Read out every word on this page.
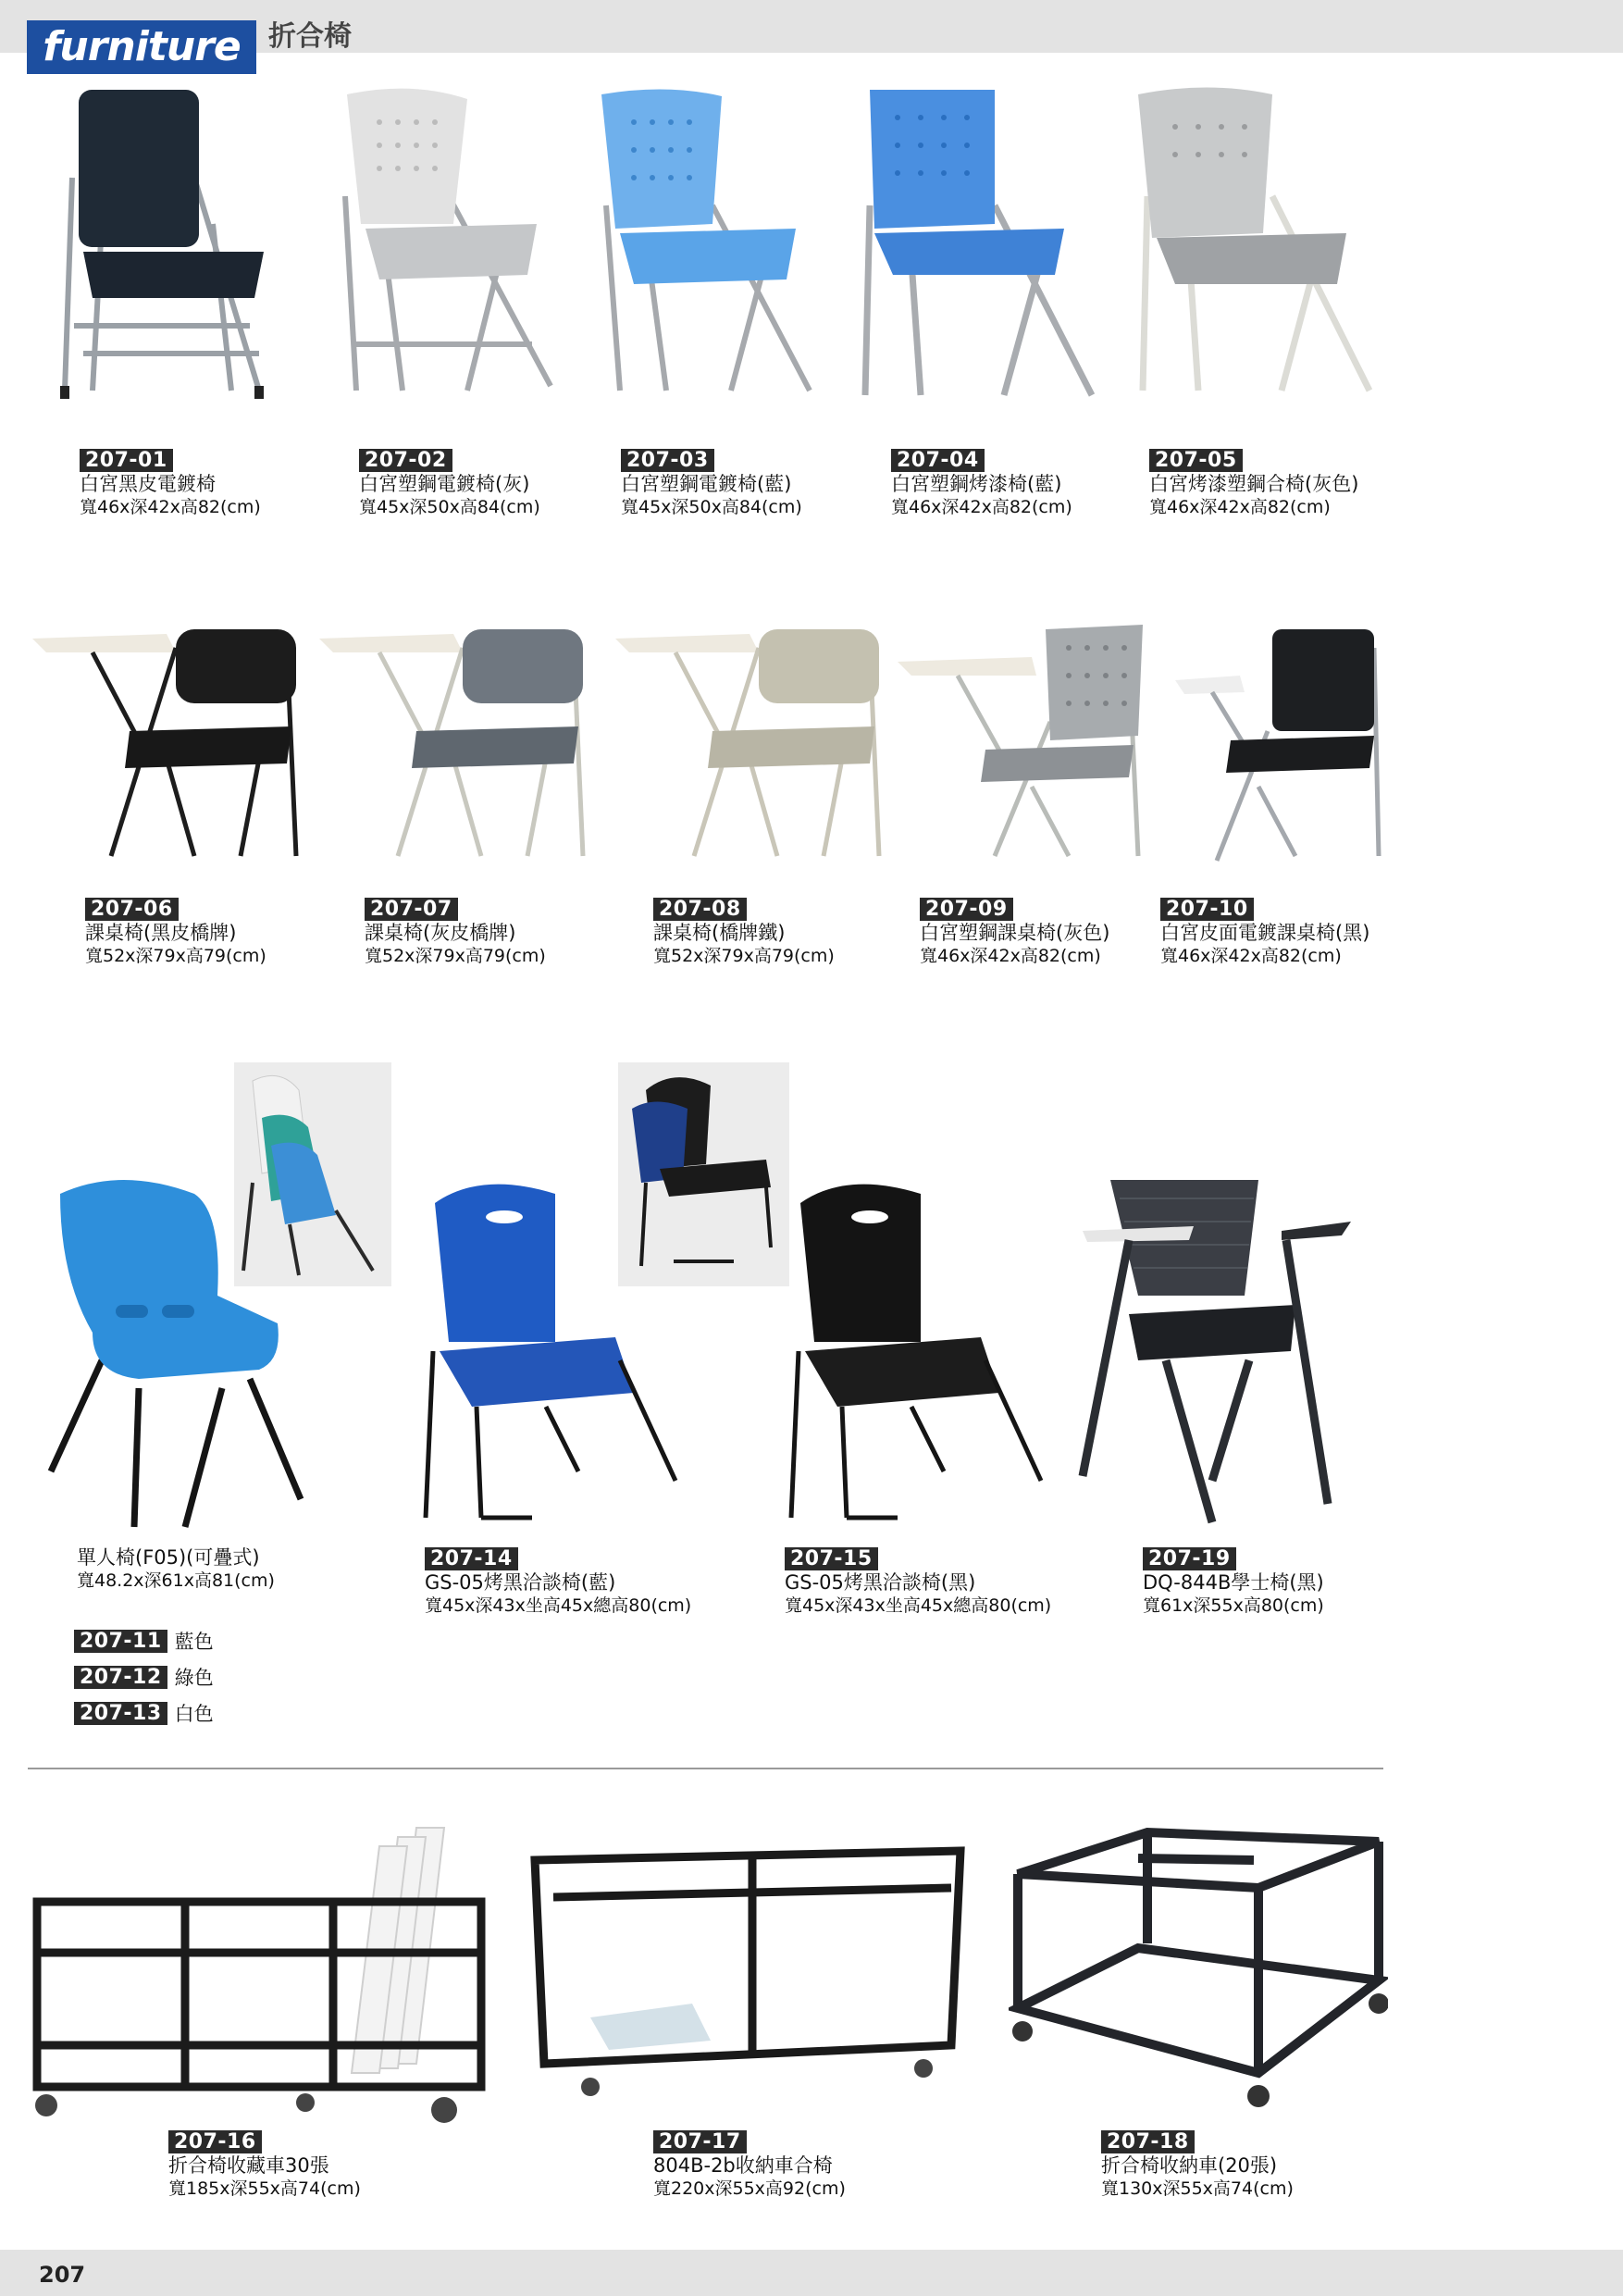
furniture	折合椅
207
207-01
白宮黑皮電鍍椅
寬46x深42x高82(cm)
207-02
白宮塑鋼電鍍椅(灰)
寬45x深50x高84(cm)
207-03
白宮塑鋼電鍍椅(藍)
寬45x深50x高84(cm)
207-04
白宮塑鋼烤漆椅(藍)
寬46x深42x高82(cm)
207-05
白宮烤漆塑鋼合椅(灰色)
寬46x深42x高82(cm)
207-06
課桌椅(黑皮橋牌)
寬52x深79x高79(cm)
207-07
課桌椅(灰皮橋牌)
寬52x深79x高79(cm)
207-08
課桌椅(橋牌鐵)
寬52x深79x高79(cm)
207-09
白宮塑鋼課桌椅(灰色)
寬46x深42x高82(cm)
207-10
白宮皮面電鍍課桌椅(黑)
寬46x深42x高82(cm)
單人椅(F05)(可疊式)
寬48.2x深61x高81(cm)
207-11 藍色
207-12 綠色
207-13 白色
207-14
GS-05烤黑洽談椅(藍)
寬45x深43x坐高45x總高80(cm)
207-15
GS-05烤黑洽談椅(黑)
寬45x深43x坐高45x總高80(cm)
207-19
DQ-844B學士椅(黑)
寬61x深55x高80(cm)
207-16
折合椅收藏車30張
寬185x深55x高74(cm)
207-17
804B-2b收納車合椅
寬220x深55x高92(cm)
207-18
折合椅收納車(20張)
寬130x深55x高74(cm)
